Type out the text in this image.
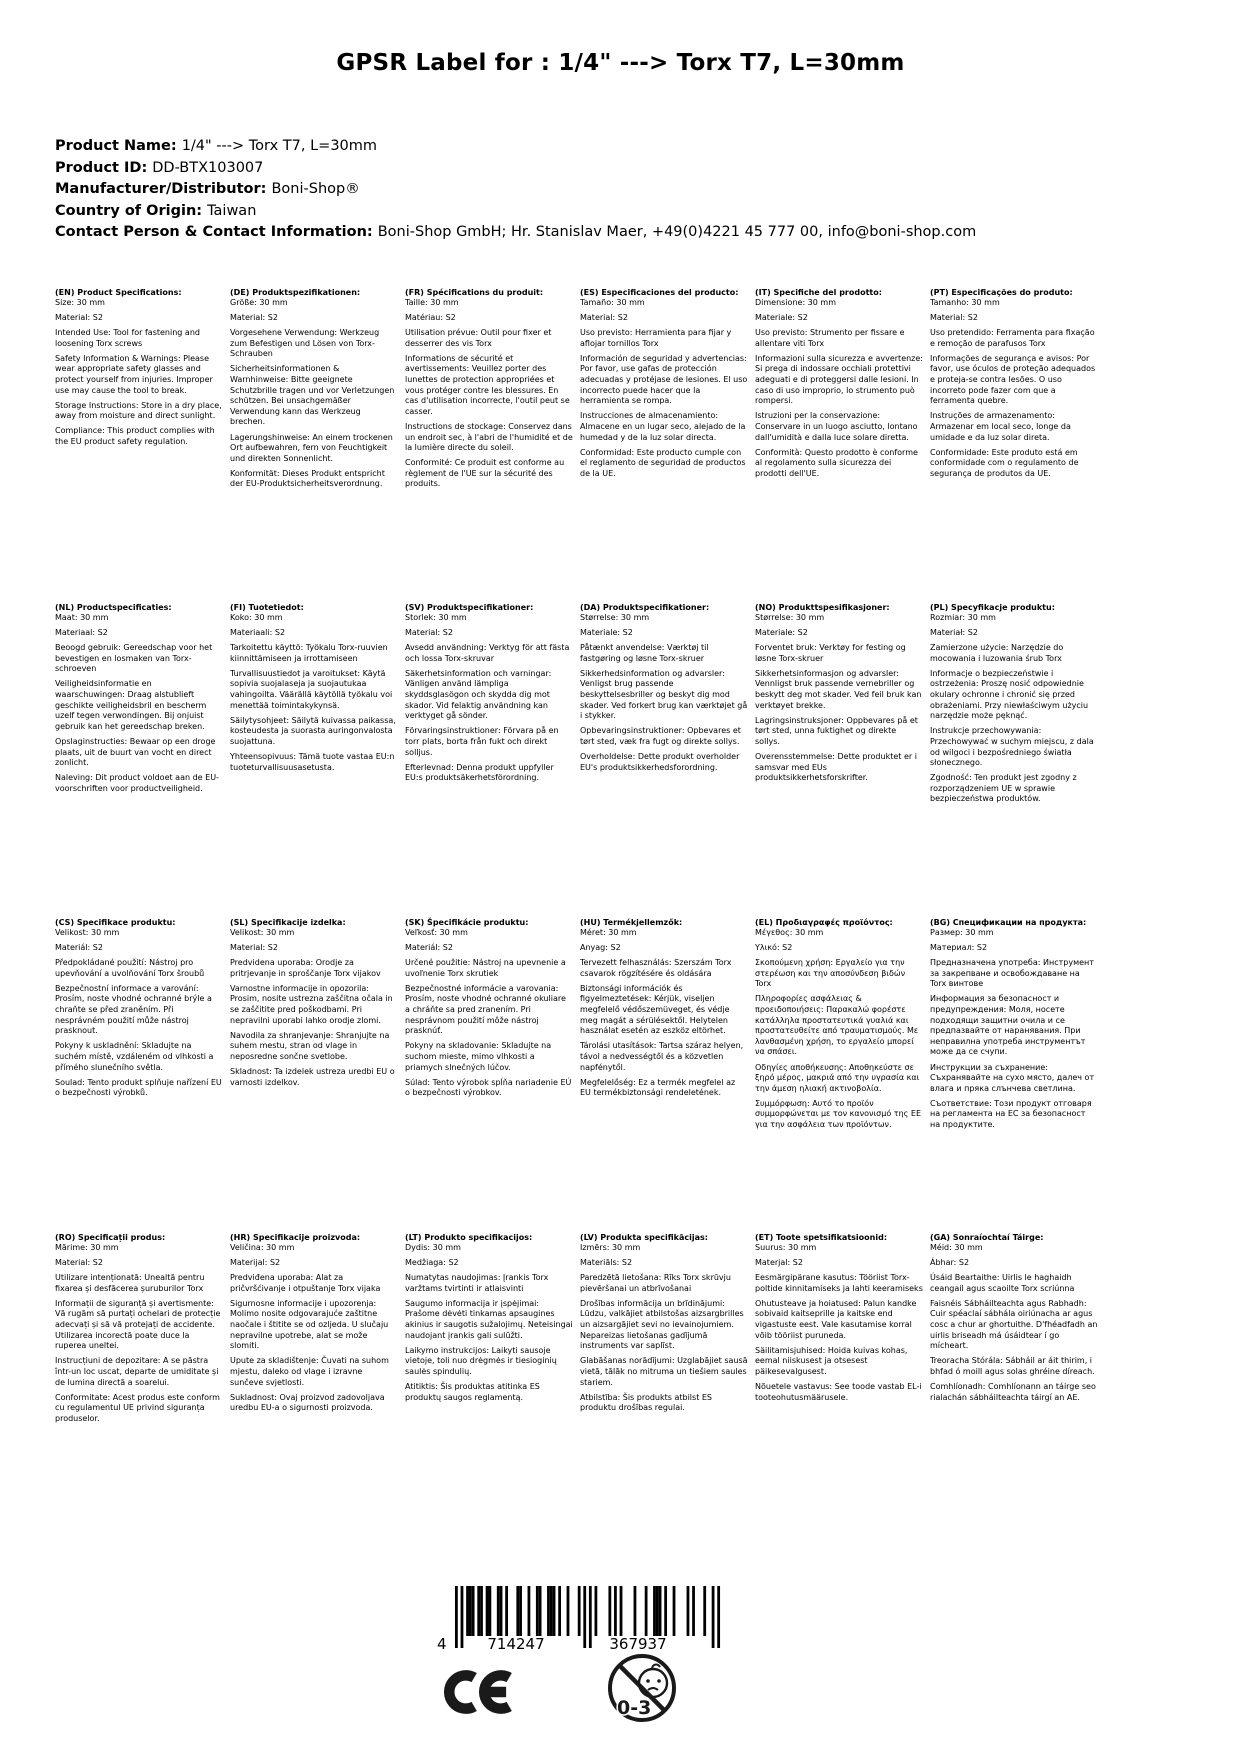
GPSR Label for : 1/4" ---> Torx T7, L=30mm
Product Name: 1/4" ---> Torx T7, L=30mm
Product ID: DD-BTX103007
Manufacturer/Distributor: Boni-Shop®
Country of Origin: Taiwan
Contact Person & Contact Information: Boni-Shop GmbH; Hr. Stanislav Maer, +49(0)4221 45 777 00, info@boni-shop.com
(EN) Product Specifications:

Size: 30 mm

Material: S2

Intended Use: Tool for fastening and loosening Torx screws

Safety Information & Warnings: Please wear appropriate safety glasses and protect yourself from injuries. Improper use may cause the tool to break.

Storage Instructions: Store in a dry place, away from moisture and direct sunlight.

Compliance: This product complies with the EU product safety regulation.

(DE) Produktspezifikationen:

Größe: 30 mm

Material: S2

Vorgesehene Verwendung: Werkzeug zum Befestigen und Lösen von Torx-Schrauben

Sicherheitsinformationen & Warnhinweise: Bitte geeignete Schutzbrille tragen und vor Verletzungen schützen. Bei unsachgemäßer Verwendung kann das Werkzeug brechen.

Lagerungshinweise: An einem trockenen Ort aufbewahren, fern von Feuchtigkeit und direkten Sonnenlicht.

Konformität: Dieses Produkt entspricht der EU-Produktsicherheitsverordnung.

(FR) Spécifications du produit:

Taille: 30 mm

Matériau: S2

Utilisation prévue: Outil pour fixer et desserrer des vis Torx

Informations de sécurité et avertissements: Veuillez porter des lunettes de protection appropriées et vous protéger contre les blessures. En cas d'utilisation incorrecte, l'outil peut se casser.

Instructions de stockage: Conservez dans un endroit sec, à l'abri de l'humidité et de la lumière directe du soleil.

Conformité: Ce produit est conforme au règlement de l'UE sur la sécurité des produits.

(ES) Especificaciones del producto:

Tamaño: 30 mm

Material: S2

Uso previsto: Herramienta para fijar y aflojar tornillos Torx

Información de seguridad y advertencias: Por favor, use gafas de protección adecuadas y protéjase de lesiones. El uso incorrecto puede hacer que la herramienta se rompa.

Instrucciones de almacenamiento: Almacene en un lugar seco, alejado de la humedad y de la luz solar directa.

Conformidad: Este producto cumple con el reglamento de seguridad de productos de la UE.

(IT) Specifiche del prodotto:

Dimensione: 30 mm

Materiale: S2

Uso previsto: Strumento per fissare e allentare viti Torx

Informazioni sulla sicurezza e avvertenze: Si prega di indossare occhiali protettivi adeguati e di proteggersi dalle lesioni. In caso di uso improprio, lo strumento può rompersi.

Istruzioni per la conservazione: Conservare in un luogo asciutto, lontano dall'umidità e dalla luce solare diretta.

Conformità: Questo prodotto è conforme al regolamento sulla sicurezza dei prodotti dell'UE.

(PT) Especificações do produto:

Tamanho: 30 mm

Material: S2

Uso pretendido: Ferramenta para fixação e remoção de parafusos Torx

Informações de segurança e avisos: Por favor, use óculos de proteção adequados e proteja-se contra lesões. O uso incorreto pode fazer com que a ferramenta quebre.

Instruções de armazenamento: Armazenar em local seco, longe da umidade e da luz solar direta.

Conformidade: Este produto está em conformidade com o regulamento de segurança de produtos da UE.

(NL) Productspecificaties:

Maat: 30 mm

Materiaal: S2

Beoogd gebruik: Gereedschap voor het bevestigen en losmaken van Torx-schroeven

Veiligheidsinformatie en waarschuwingen: Draag alstublieft geschikte veiligheidsbril en bescherm uzelf tegen verwondingen. Bij onjuist gebruik kan het gereedschap breken.

Opslaginstructies: Bewaar op een droge plaats, uit de buurt van vocht en direct zonlicht.

Naleving: Dit product voldoet aan de EU-voorschriften voor productveiligheid.

(FI) Tuotetiedot:

Koko: 30 mm

Materiaali: S2

Tarkoitettu käyttö: Työkalu Torx-ruuvien kiinnittämiseen ja irrottamiseen

Turvallisuustiedot ja varoitukset: Käytä sopivia suojalaseja ja suojautukaa vahingoilta. Väärällä käytöllä työkalu voi menettää toimintakykynsä.

Säilytysohjeet: Säilytä kuivassa paikassa, kosteudesta ja suorasta auringonvalosta suojattuna.

Yhteensopivuus: Tämä tuote vastaa EU:n tuoteturvallisuusasetusta.

(SV) Produktspecifikationer:

Storlek: 30 mm

Material: S2

Avsedd användning: Verktyg för att fästa och lossa Torx-skruvar

Säkerhetsinformation och varningar: Vänligen använd lämpliga skyddsglasögon och skydda dig mot skador. Vid felaktig användning kan verktyget gå sönder.

Förvaringsinstruktioner: Förvara på en torr plats, borta från fukt och direkt solljus.

Efterlevnad: Denna produkt uppfyller EU:s produktsäkerhetsförordning.

(DA) Produktspecifikationer:

Størrelse: 30 mm

Materiale: S2

Påtænkt anvendelse: Værktøj til fastgøring og løsne Torx-skruer

Sikkerhedsinformation og advarsler: Venligst brug passende beskyttelsesbriller og beskyt dig mod skader. Ved forkert brug kan værktøjet gå i stykker.

Opbevaringsinstruktioner: Opbevares et tørt sted, væk fra fugt og direkte sollys.

Overholdelse: Dette produkt overholder EU's produktsikkerhedsforordning.

(NO) Produkttspesifikasjoner:

Størrelse: 30 mm

Materiale: S2

Forventet bruk: Verktøy for festing og løsne Torx-skruer

Sikkerhetsinformasjon og advarsler: Vennligst bruk passende vernebriller og beskytt deg mot skader. Ved feil bruk kan verktøyet brekke.

Lagringsinstruksjoner: Oppbevares på et tørt sted, unna fuktighet og direkte sollys.

Overensstemmelse: Dette produktet er i samsvar med EUs produktsikkerhetsforskrifter.

(PL) Specyfikacje produktu:

Rozmiar: 30 mm

Materiał: S2

Zamierzone użycie: Narzędzie do mocowania i luzowania śrub Torx

Informacje o bezpieczeństwie i ostrzeżenia: Proszę nosić odpowiednie okulary ochronne i chronić się przed obrażeniami. Przy niewłaściwym użyciu narzędzie może pęknąć.

Instrukcje przechowywania: Przechowywać w suchym miejscu, z dala od wilgoci i bezpośredniego światła słonecznego.

Zgodność: Ten produkt jest zgodny z rozporządzeniem UE w sprawie bezpieczeństwa produktów.

(CS) Specifikace produktu:

Velikost: 30 mm

Materiál: S2

Předpokládané použití: Nástroj pro upevňování a uvolňování Torx šroubů

Bezpečnostní informace a varování: Prosím, noste vhodné ochranné brýle a chraňte se před zraněním. Při nesprávném použití může nástroj prasknout.

Pokyny k uskladnění: Skladujte na suchém místě, vzdáleném od vlhkosti a přímého slunečního světla.

Soulad: Tento produkt splňuje nařízení EU o bezpečnosti výrobků.

(SL) Specifikacije izdelka:

Velikost: 30 mm

Material: S2

Predvidena uporaba: Orodje za pritrjevanje in sproščanje Torx vijakov

Varnostne informacije in opozorila: Prosim, nosite ustrezna zaščitna očala in se zaščitite pred poškodbami. Pri nepravilni uporabi lahko orodje zlomi.

Navodila za shranjevanje: Shranjujte na suhem mestu, stran od vlage in neposredne sončne svetlobe.

Skladnost: Ta izdelek ustreza uredbi EU o varnosti izdelkov.

(SK) Špecifikácie produktu:

Veľkosť: 30 mm

Materiál: S2

Určené použitie: Nástroj na upevnenie a uvoľnenie Torx skrutiek

Bezpečnostné informácie a varovania: Prosím, noste vhodné ochranné okuliare a chráňte sa pred zranením. Pri nesprávnom použití môže nástroj prasknúť.

Pokyny na skladovanie: Skladujte na suchom mieste, mimo vlhkosti a priamych slnečných lúčov.

Súlad: Tento výrobok spĺňa nariadenie EÚ o bezpečnosti výrobkov.

(HU) Termékjellemzők:

Méret: 30 mm

Anyag: S2

Tervezett felhasználás: Szerszám Torx csavarok rögzítésére és oldására

Biztonsági információk és figyelmeztetések: Kérjük, viseljen megfelelő védőszemüveget, és védje meg magát a sérülésektől. Helytelen használat esetén az eszköz eltörhet.

Tárolási utasítások: Tartsa száraz helyen, távol a nedvességtől és a közvetlen napfénytől.

Megfelelőség: Ez a termék megfelel az EU termékbiztonsági rendeletének.

(EL) Προδιαγραφές προϊόντος:

Μέγεθος: 30 mm

Υλικό: S2

Σκοπούμενη χρήση: Εργαλείο για την στερέωση και την αποσύνδεση βιδών Torx

Πληροφορίες ασφάλειας & προειδοποιήσεις: Παρακαλώ φορέστε κατάλληλα προστατευτικά γυαλιά και προστατευθείτε από τραυματισμούς. Με λανθασμένη χρήση, το εργαλείο μπορεί να σπάσει.

Οδηγίες αποθήκευσης: Αποθηκεύστε σε ξηρό μέρος, μακριά από την υγρασία και την άμεση ηλιακή ακτινοβολία.

Συμμόρφωση: Αυτό το προϊόν συμμορφώνεται με τον κανονισμό της ΕΕ για την ασφάλεια των προϊόντων.

(BG) Спецификации на продукта:

Размер: 30 mm

Материал: S2

Предназначена употреба: Инструмент за закрепване и освобождаване на Torx винтове

Информация за безопасност и предупреждения: Моля, носете подходящи защитни очила и се предпазвайте от наранявания. При неправилна употреба инструментът може да се счупи.

Инструкции за съхранение: Съхранявайте на сухо място, далеч от влага и пряка слънчева светлина.

Съответствие: Този продукт отговаря на регламента на ЕС за безопасност на продуктите.

(RO) Specificații produs:

Mărime: 30 mm

Material: S2

Utilizare intenționată: Unealtă pentru fixarea și desfăcerea șuruburilor Torx

Informații de siguranță și avertismente: Vă rugăm să purtați ochelari de protecție adecvați și să vă protejați de accidente. Utilizarea incorectă poate duce la ruperea uneltei.

Instrucțiuni de depozitare: A se păstra într-un loc uscat, departe de umiditate și de lumina directă a soarelui.

Conformitate: Acest produs este conform cu regulamentul UE privind siguranța produselor.

(HR) Specifikacije proizvoda:

Veličina: 30 mm

Materijal: S2

Predviđena uporaba: Alat za pričvršćivanje i otpuštanje Torx vijaka

Sigurnosne informacije i upozorenja: Molimo nosite odgovarajuće zaštitne naočale i štitite se od ozljeda. U slučaju nepravilne upotrebe, alat se može slomiti.

Upute za skladištenje: Čuvati na suhom mjestu, daleko od vlage i izravne sunčeve svjetlosti.

Sukladnost: Ovaj proizvod zadovoljava uredbu EU-a o sigurnosti proizvoda.

(LT) Produkto specifikacijos:

Dydis: 30 mm

Medžiaga: S2

Numatytas naudojimas: Įrankis Torx varžtams tvirtinti ir atlaisvinti

Saugumo informacija ir įspėjimai: Prašome dėvėti tinkamas apsaugines akinius ir saugotis sužalojimų. Neteisingai naudojant įrankis gali sulūžti.

Laikymo instrukcijos: Laikyti sausoje vietoje, toli nuo drėgmės ir tiesioginių saulės spindulių.

Atitiktis: Šis produktas atitinka ES produktų saugos reglamentą.

(LV) Produkta specifikācijas:

Izmērs: 30 mm

Materiāls: S2

Paredzētā lietošana: Rīks Torx skrūvju pievēršanai un atbrīvošanai

Drošības informācija un brīdinājumi: Lūdzu, valkājiet atbilstošas aizsargbrilles un aizsargājiet sevi no ievainojumiem. Nepareizas lietošanas gadījumā instruments var saplīst.

Glabāšanas norādījumi: Uzglabājiet sausā vietā, tālāk no mitruma un tiešiem saules stariem.

Atbilstība: Šis produkts atbilst ES produktu drošības regulai.

(ET) Toote spetsifikatsioonid:

Suurus: 30 mm

Materjal: S2

Eesmärgipärane kasutus: Tööriist Torx-poltide kinnitamiseks ja lahti keeramiseks

Ohutusteave ja hoiatused: Palun kandke sobivaid kaitseprille ja kaitske end vigastuste eest. Vale kasutamise korral võib tööriist puruneda.

Säilitamisjuhised: Hoida kuivas kohas, eemal niiskusest ja otsesest päikesevalgusest.

Nõuetele vastavus: See toode vastab EL-i tooteohutusmäärusele.

(GA) Sonraíochtaí Táirge:

Méid: 30 mm

Ábhar: S2

Úsáid Beartaithe: Uirlis le haghaidh ceangail agus scaoilte Torx scriúnna

Faisnéis Sábháilteachta agus Rabhadh: Cuir spéaclaí sábhála oiriúnacha ar agus cosc a chur ar ghortuithe. D'fhéadfadh an uirlis briseadh má úsáidtear í go mícheart.

Treoracha Stórála: Sábháil ar áit thirim, i bhfad ó moill agus solas ghréine díreach.

Comhlíonadh: Comhlíonann an táirge seo rialachán sábháilteachta táirgí an AE.

4	714247	367937
0-3
